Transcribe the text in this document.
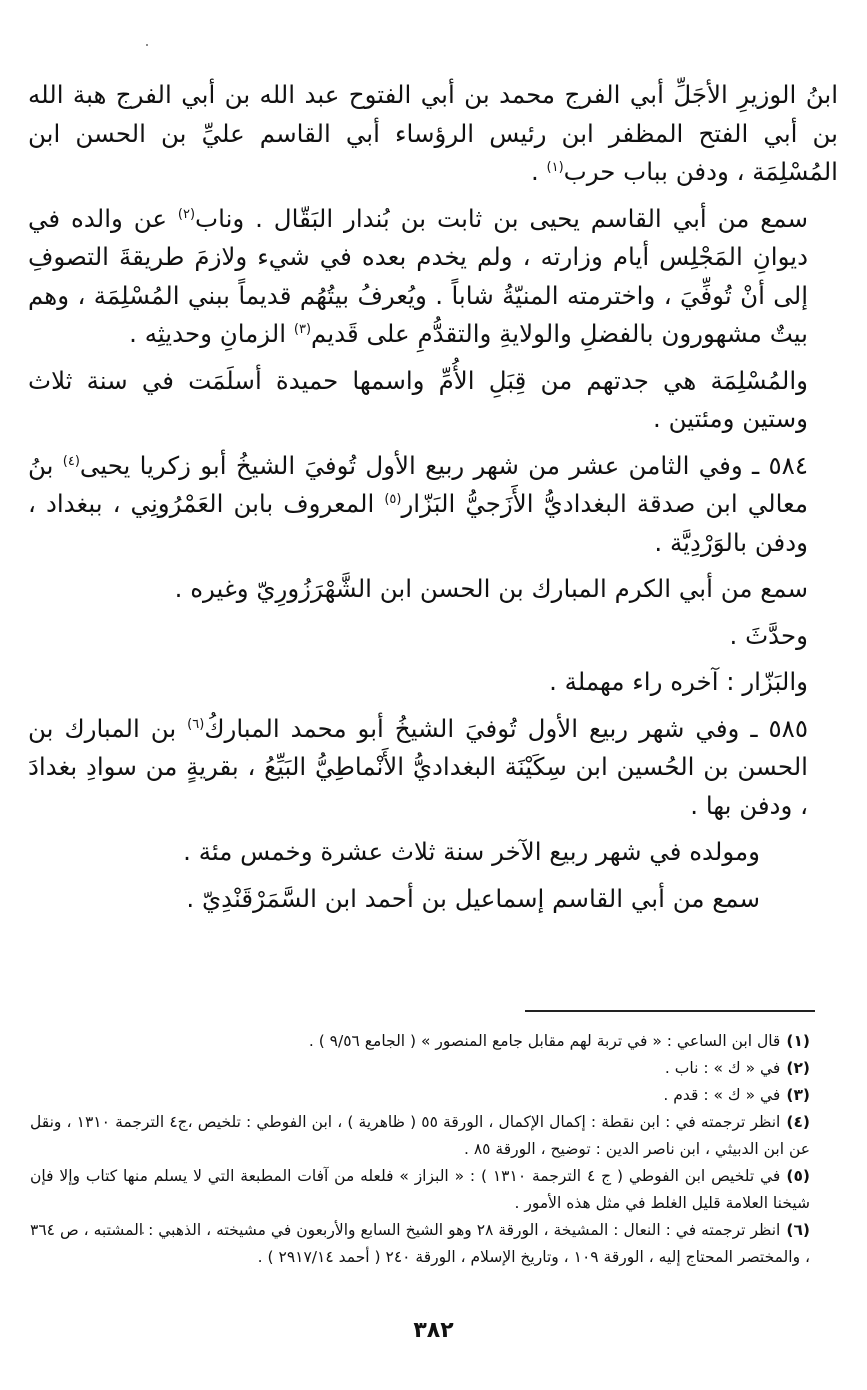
ابنُ الوزيرِ الأجَلِّ أبي الفرج محمد بن أبي الفتوح عبد الله بن أبي الفرج هبة الله بن أبي الفتح المظفر ابن رئيس الرؤساء أبي القاسم عليِّ بن الحسن ابن المُسْلِمَة ، ودفن بباب حرب$^{(١)}$ .

سمع من أبي القاسم يحيى بن ثابت بن بُندار البَقّال . وناب$^{(٢)}$ عن والده في ديوانِ المَجْلِس أيام وزارته ، ولم يخدم بعده في شيء ولازمَ طريقةَ التصوفِ إلى أنْ تُوفِّيَ ، واخترمته المنيّةُ شاباً . ويُعرفُ بيتُهُم قديماً ببني المُسْلِمَة ، وهم بيتٌ مشهورون بالفضلِ والولايةِ والتقدُّمِ على قَديم$^{(٣)}$ الزمانِ وحديثِه .

والمُسْلِمَة هي جدتهم من قِبَلِ الأُمِّ واسمها حميدة أسلَمَت في سنة ثلاث وستين ومئتين .

٥٨٤ ـ وفي الثامن عشر من شهر ربيع الأول تُوفيَ الشيخُ أبو زكريا يحيى$^{(٤)}$ بنُ معالي ابن صدقة البغداديُّ الأَزَجيُّ البَزّار$^{(٥)}$ المعروف بابن العَمْرُونِي ، ببغداد ، ودفن بالوَرْدِيَّة .

سمع من أبي الكرم المبارك بن الحسن ابن الشَّهْرَزُورِيّ وغيره .

وحدَّثَ .

والبَزّار : آخره راء مهملة .

٥٨٥ ـ وفي شهر ربيع الأول تُوفيَ الشيخُ أبو محمد المباركُ$^{(٦)}$ بن المبارك بن الحسن بن الحُسين ابن سِكَيْنَة البغداديُّ الأَنْماطِيُّ البَيِّعُ ، بقريةٍ من سوادِ بغدادَ ، ودفن بها .

ومولده في شهر ربيع الآخر سنة ثلاث عشرة وخمس مئة .

سمع من أبي القاسم إسماعيل بن أحمد ابن السَّمَرْقَنْدِيّ .

(١)قال ابن الساعي : « في تربة لهم مقابل جامع المنصور » ( الجامع ٩/٥٦ ) .

(٢)في « ك » : ناب .

(٣)في « ك » : قدم .

(٤)انظر ترجمته في : ابن نقطة : إكمال الإكمال ، الورقة ٥٥ ( ظاهرية ) ، ابن الفوطي : تلخيص ،ج٤ الترجمة ١٣١٠ ، ونقل عن ابن الدبيثي ، ابن ناصر الدين : توضيح ، الورقة ٨٥ .

(٥)في تلخيص ابن الفوطي ( ج ٤ الترجمة ١٣١٠ ) : « البزاز » فلعله من آفات المطبعة التي لا يسلم منها كتاب وإلا فإن شيخنا العلامة قليل الغلط في مثل هذه الأمور .

(٦)انظر ترجمته في : النعال : المشيخة ، الورقة ٢٨ وهو الشيخ السابع والأربعون في مشيخته ، الذهبي : المشتبه ، ص ٣٦٤ ، والمختصر المحتاج إليه ، الورقة ١٠٩ ، وتاريخ الإسلام ، الورقة ٢٤٠ ( أحمد ٢٩١٧/١٤ ) .

٣٨٢
